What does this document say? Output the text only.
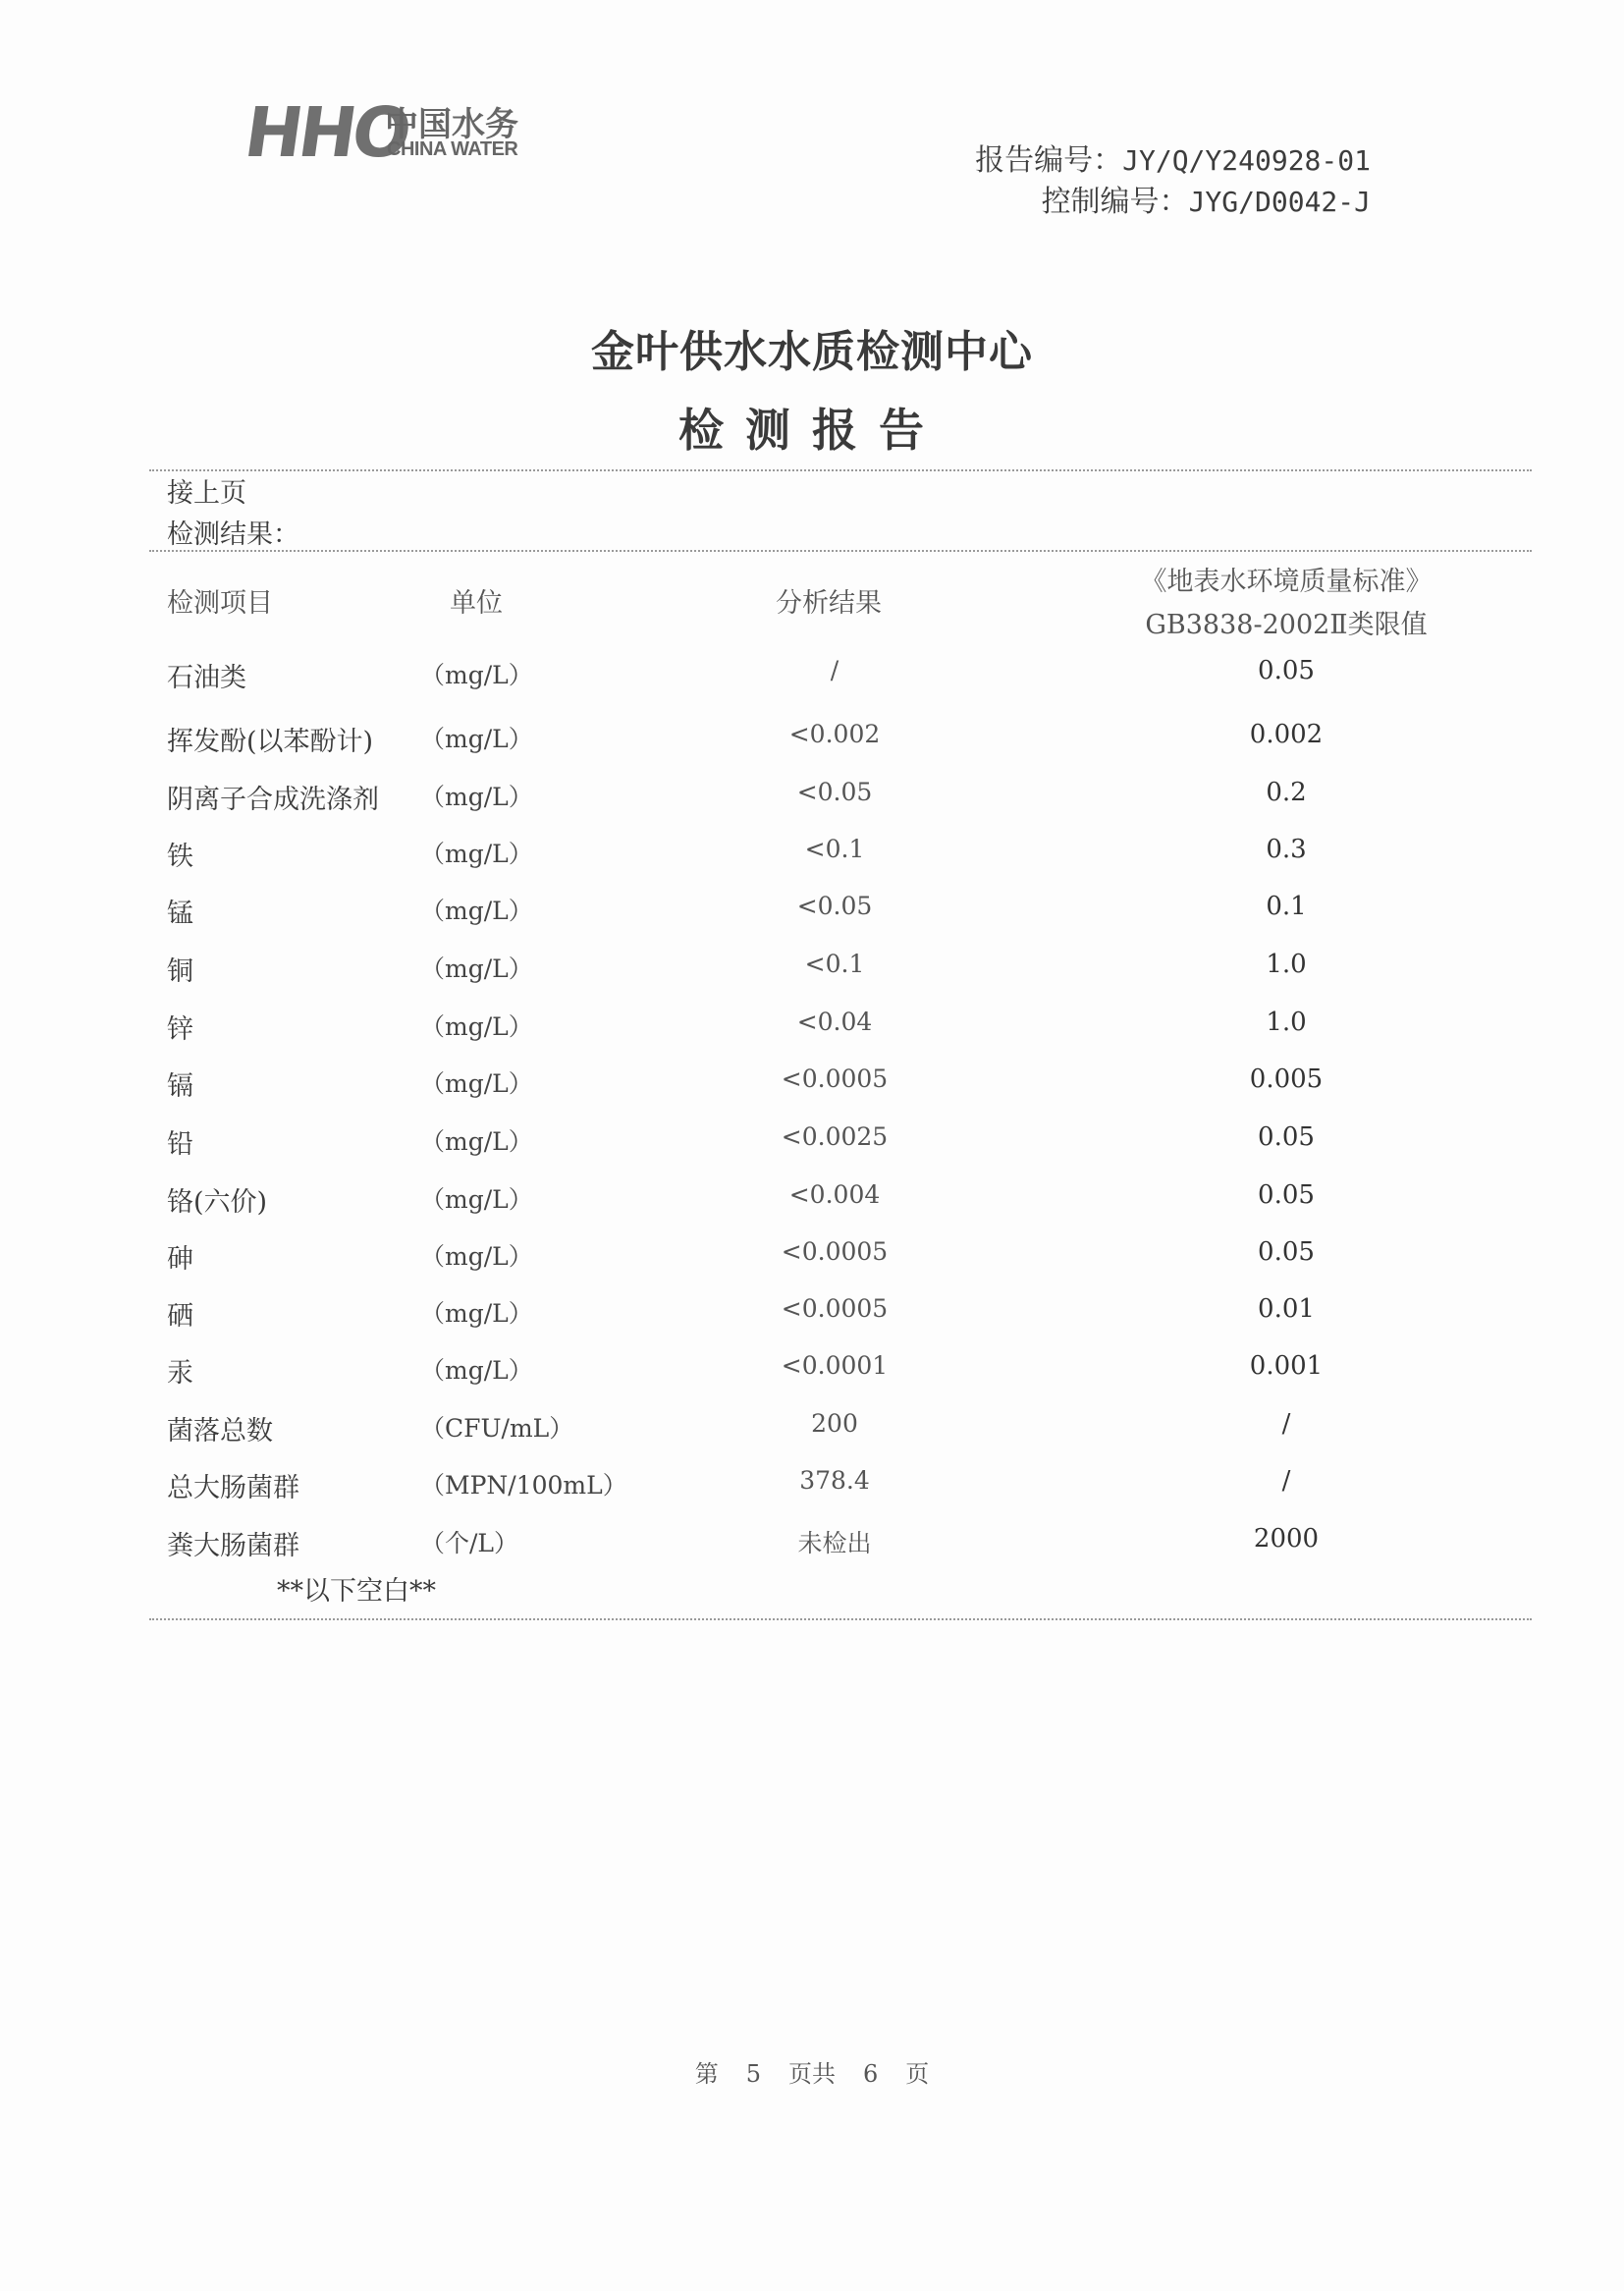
HHO
中国水务
CHINA WATER	报告编号：JY/Q/Y240928-01
控制编号：JYG/D0042-J
金叶供水水质检测中心
检测报告
接上页
检测结果：
检测项目	单位	分析结果
《地表水环境质量标准》
GB3838-2002Ⅱ类限值
石油类	（mg/L）	/	0.05
挥发酚(以苯酚计) （mg/L）	<0.002	0.002
阴离子合成洗涤剂 （mg/L）	<0.05	0.2
铁	（mg/L）	<0.1	0.3
锰	（mg/L）	<0.05	0.1
铜	（mg/L）	<0.1	1.0
锌	（mg/L）	<0.04	1.0
镉	（mg/L）	<0.0005	0.005
铅	（mg/L）	<0.0025	0.05
铬(六价)	（mg/L）	<0.004	0.05
砷	（mg/L）	<0.0005	0.05
硒	（mg/L）	<0.0005	0.01
汞	（mg/L）	<0.0001	0.001
菌落总数	（CFU/mL）	200	/
总大肠菌群	（MPN/100mL）	378.4	/
粪大肠菌群	（个/L）	未检出	2000
**以下空白**
第 5 页共 6 页
